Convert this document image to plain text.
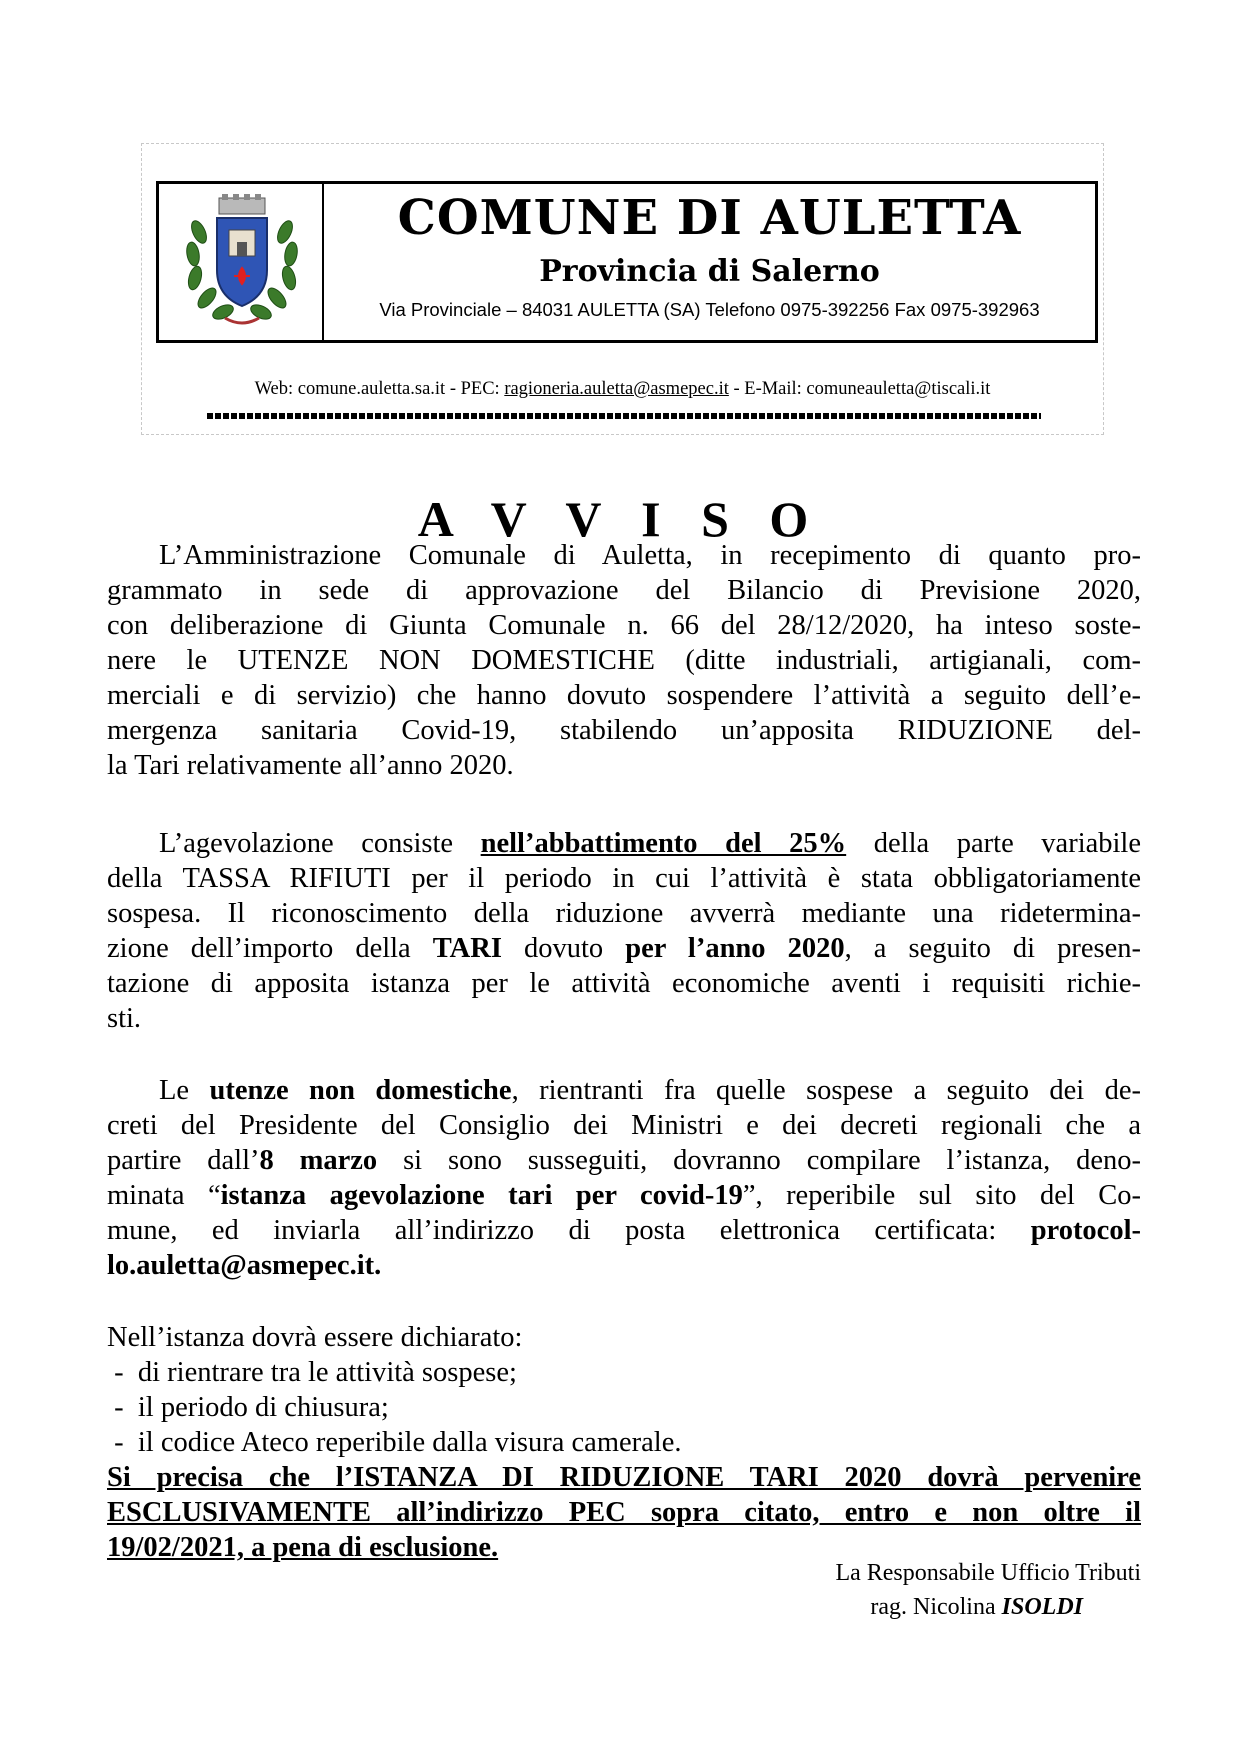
COMUNE DI AULETTA
Provincia di Salerno
Via Provinciale – 84031 AULETTA (SA) Telefono 0975-392256 Fax 0975-392963
Web: comune.auletta.sa.it - PEC: ragioneria.auletta@asmepec.it - E-Mail: comuneauletta@tiscali.it
A V V I S O
L’Amministrazione Comunale di Auletta, in recepimento di quanto pro-
grammato in sede di approvazione del Bilancio di Previsione 2020,
con deliberazione di Giunta Comunale n. 66 del 28/12/2020, ha inteso soste-
nere le UTENZE NON DOMESTICHE (ditte industriali, artigianali, com-
merciali e di servizio) che hanno dovuto sospendere l’attività a seguito dell’e-
mergenza sanitaria Covid-19, stabilendo un’apposita RIDUZIONE del-
la Tari relativamente all’anno 2020.
L’agevolazione consiste nell’abbattimento del 25% della parte variabile
della TASSA RIFIUTI per il periodo in cui l’attività è stata obbligatoriamente
sospesa. Il riconoscimento della riduzione avverrà mediante una ridetermina-
zione dell’importo della TARI dovuto per l’anno 2020, a seguito di presen-
tazione di apposita istanza per le attività economiche aventi i requisiti richie-
sti.
Le utenze non domestiche, rientranti fra quelle sospese a seguito dei de-
creti del Presidente del Consiglio dei Ministri e dei decreti regionali che a
partire dall’8 marzo si sono susseguiti, dovranno compilare l’istanza, deno-
minata “istanza agevolazione tari per covid-19”, reperibile sul sito del Co-
mune, ed inviarla all’indirizzo di posta elettronica certificata: protocol-
lo.auletta@asmepec.it.
Nell’istanza dovrà essere dichiarato:
-  di rientrare tra le attività sospese;
-  il periodo di chiusura;
-  il codice Ateco reperibile dalla visura camerale.
Si precisa che l’ISTANZA DI RIDUZIONE TARI 2020 dovrà pervenire
ESCLUSIVAMENTE all’indirizzo PEC sopra citato, entro e non oltre il
19/02/2021, a pena di esclusione.
La Responsabile Ufficio Tributi
rag. Nicolina ISOLDI
